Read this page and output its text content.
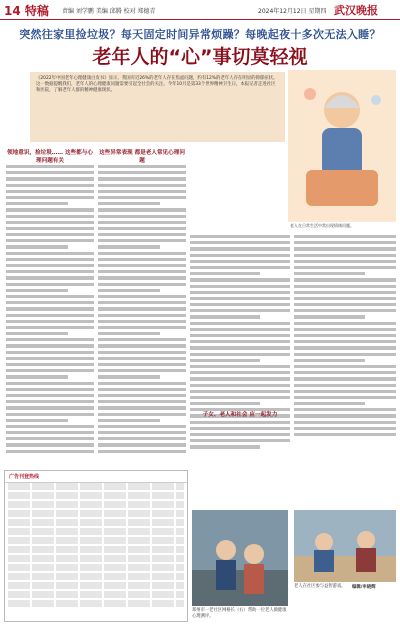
14 特稿 责编 刘学鹏 美编 邱腾 校对 郑德青	2024年12月12日 星期四 武汉晚报
突然往家里捡垃圾？每天固定时间异常烦躁？每晚起夜十多次无法入睡？
老年人的“心”事切莫轻视
《2022年中国老年心理健康白皮书》显示，我国有近26%的老年人存在焦虑问题，约有12%的老年人存在明显的抑郁症状。这一数据提醒我们，老年人的心理健康问题需要引起全社会的关注。今年10月是第33个世界精神卫生日，本报记者走进社区和医院，了解老年人群的精神健康现状。
老人在日常生活中常出现情绪问题。
领地意识，捡垃圾…… 这些都与心理问题有关
这些异常表现 都是老人常见心理问题
子女、老人和社会 应一起发力
广告刊登热线
郑州市一老社区网格长（右）帮助一位老人做健康心理测评。
老人在社区参与益智游戏。	编辑/申晓辉
